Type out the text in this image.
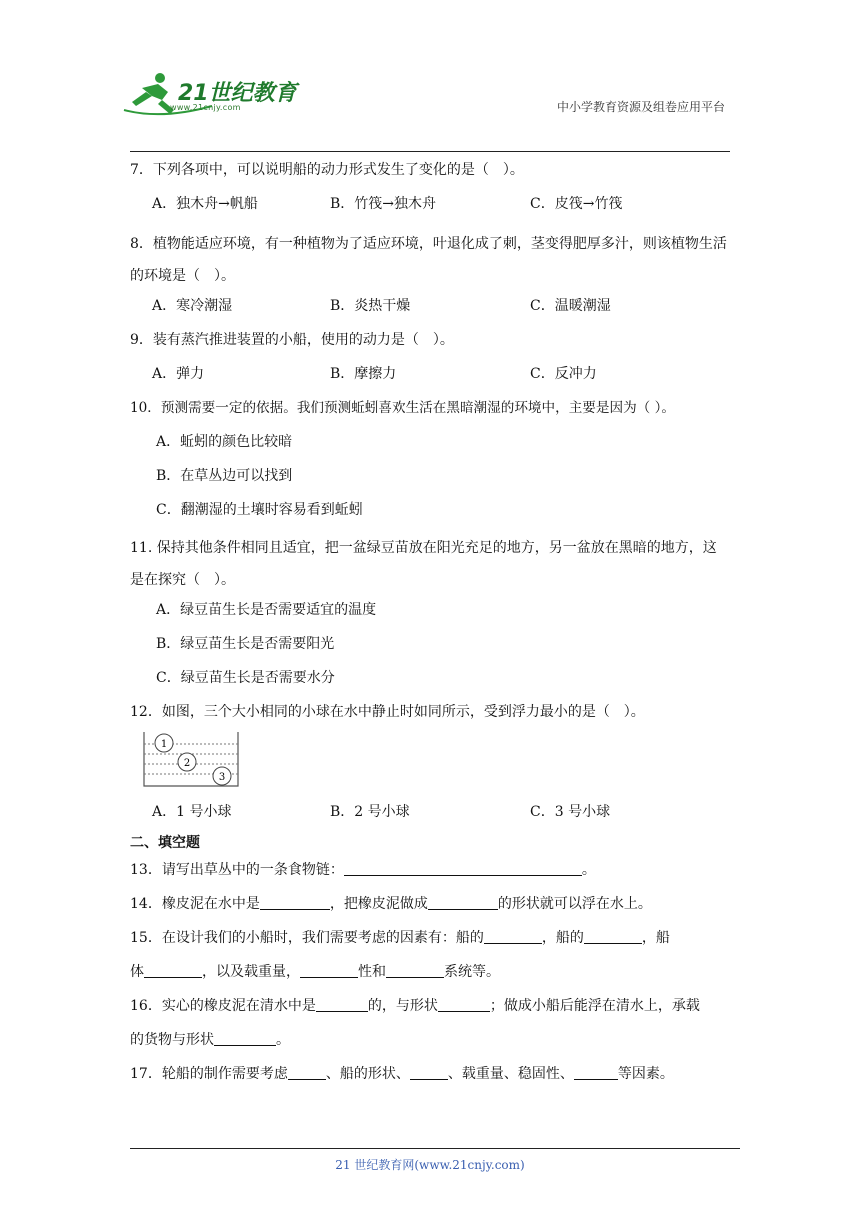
21世纪教育
www.21cnjy.com	中小学教育资源及组卷应用平台
7．下列各项中，可以说明船的动力形式发生了变化的是（　）。
A．独木舟→帆船	B．竹筏→独木舟	C．皮筏→竹筏
8．植物能适应环境，有一种植物为了适应环境，叶退化成了刺，茎变得肥厚多汁，则该植物生活的环境是（　）。
A．寒冷潮湿	B．炎热干燥	C．温暖潮湿
9．装有蒸汽推进装置的小船，使用的动力是（　）。
A．弹力	B．摩擦力	C．反冲力
10．预测需要一定的依据。我们预测蚯蚓喜欢生活在黑暗潮湿的环境中，主要是因为（ ）。
A．蚯蚓的颜色比较暗
B．在草丛边可以找到
C．翻潮湿的土壤时容易看到蚯蚓
11. 保持其他条件相同且适宜，把一盆绿豆苗放在阳光充足的地方，另一盆放在黑暗的地方，这是在探究（　）。
A．绿豆苗生长是否需要适宜的温度
B．绿豆苗生长是否需要阳光
C．绿豆苗生长是否需要水分
12．如图，三个大小相同的小球在水中静止时如同所示，受到浮力最小的是（　）。
1
2
3
A．1 号小球	B．2 号小球	C．3 号小球
二、填空题
13．请写出草丛中的一条食物链：	。
14．橡皮泥在水中是	，把橡皮泥做成	的形状就可以浮在水上。
15．在设计我们的小船时，我们需要考虑的因素有：船的	，船的	，船
体	，以及载重量，	性和	系统等。
16．实心的橡皮泥在清水中是	的，与形状	；做成小船后能浮在清水上，承载
的货物与形状	。
17．轮船的制作需要考虑	、船的形状、	、载重量、稳固性、	等因素。
21 世纪教育网(www.21cnjy.com)
